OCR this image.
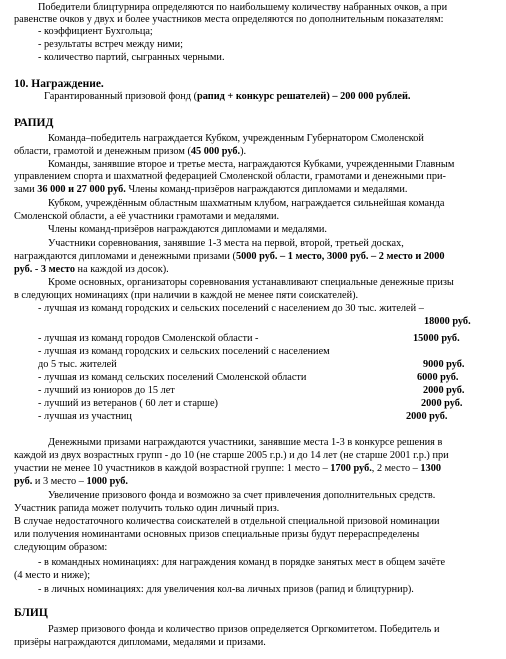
Победители блицтурнира определяются по наибольшему количеству набранных очков, а при
равенстве очков у двух и более участников места определяются по дополнительным показателям:
- коэффициент Бухгольца;
- результаты встреч между ними;
- количество партий, сыгранных черными.
10. Награждение.
Гарантированный призовой фонд (рапид + конкурс решателей) – 200 000 рублей.
РАПИД
Команда–победитель награждается Кубком, учрежденным Губернатором Смоленской
области, грамотой и денежным призом (45 000 руб.).
Команды, занявшие второе и третье места, награждаются Кубками, учрежденными Главным
управлением спорта и шахматной федерацией Смоленской области, грамотами и денежными при-
зами 36 000 и 27 000 руб. Члены команд-призёров награждаются дипломами и медалями.
Кубком, учреждённым областным шахматным клубом, награждается сильнейшая команда
Смоленской области, а её участники грамотами и медалями.
Члены команд-призёров награждаются дипломами и медалями.
Участники соревнования, занявшие 1-3 места на первой, второй, третьей досках,
награждаются дипломами и денежными призами (5000 руб. – 1 место, 3000 руб. – 2 место и 2000
руб. - 3 место на каждой из досок).
Кроме основных, организаторы соревнования устанавливают специальные денежные призы
в следующих номинациях (при наличии в каждой не менее пяти соискателей).
- лучшая из команд городских и сельских поселений с населением до 30 тыс. жителей –
18000 руб.
- лучшая из команд городов Смоленской области -	15000 руб.
- лучшая из команд городских и сельских поселений с населением
до 5 тыс. жителей	9000 руб.
- лучшая из команд сельских поселений Смоленской области	6000 руб.
- лучший из юниоров до 15 лет	2000 руб.
- лучший из ветеранов ( 60 лет и старше)	2000 руб.
- лучшая из участниц	2000 руб.
Денежными призами награждаются участники, занявшие места 1-3 в конкурсе решения в
каждой из двух возрастных групп - до 10 (не старше 2005 г.р.) и до 14 лет (не старше 2001 г.р.) при
участии не менее 10 участников в каждой возрастной группе: 1 место – 1700 руб., 2 место – 1300
руб. и 3 место – 1000 руб.
Увеличение призового фонда и возможно за счет привлечения дополнительных средств.
Участник рапида может получить только один личный приз.
В случае недостаточного количества соискателей в отдельной специальной призовой номинации
или получения номинантами основных призов специальные призы будут перераспределены
следующим образом:
- в командных номинациях: для награждения команд в порядке занятых мест в общем зачёте
(4 место и ниже);
- в личных номинациях: для увеличения кол-ва личных призов (рапид и блицтурнир).
БЛИЦ
Размер призового фонда и количество призов определяется Оргкомитетом. Победитель и
призёры награждаются дипломами, медалями и призами.
